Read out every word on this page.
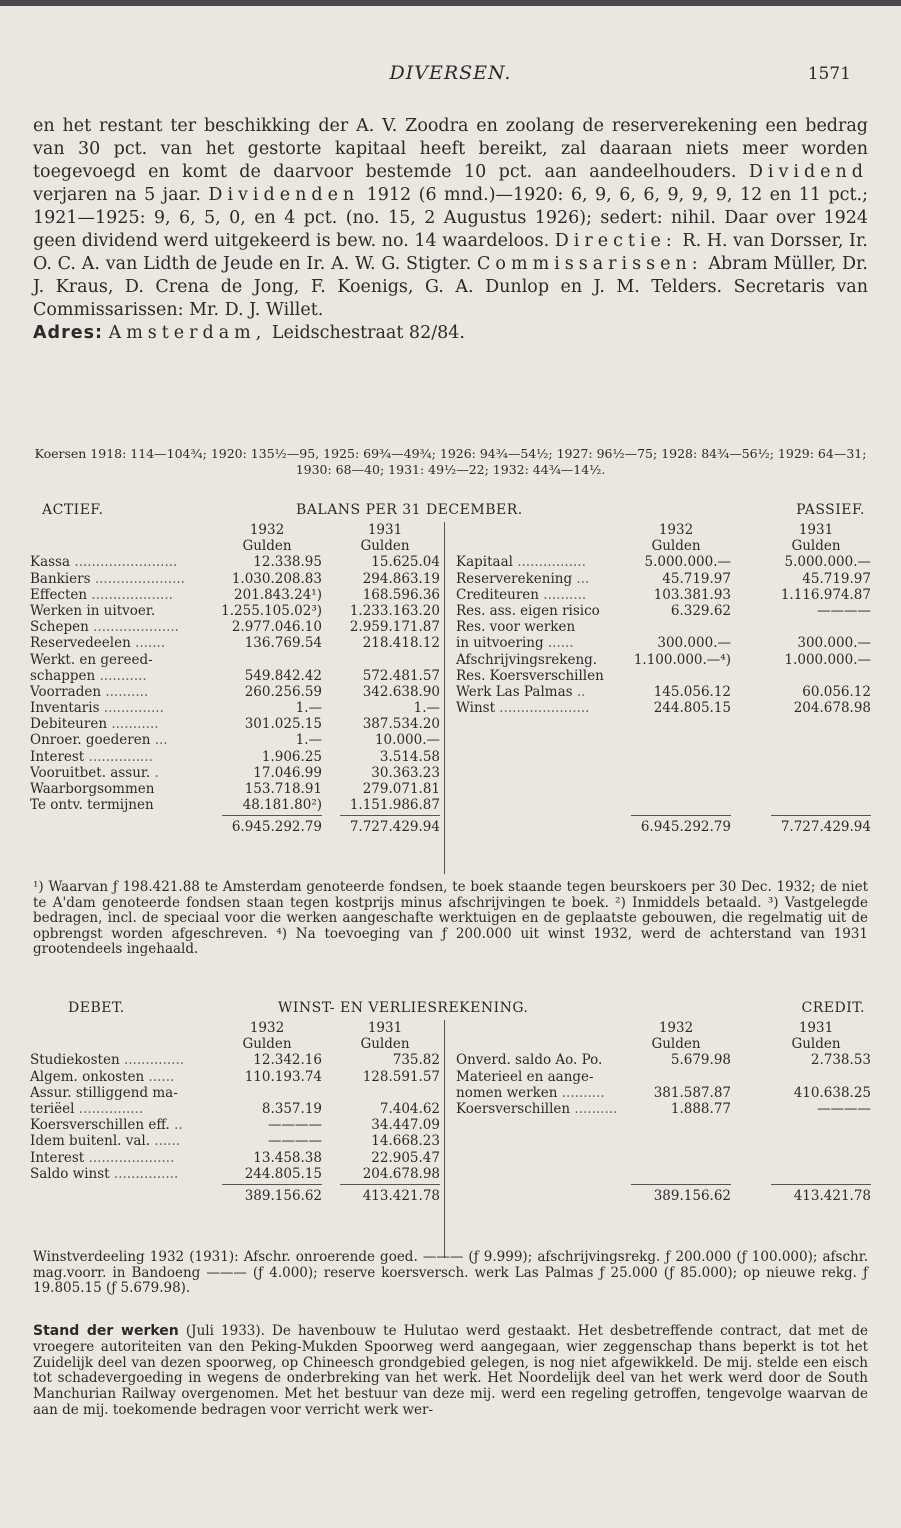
DIVERSEN.	1571

en het restant ter beschikking der A. V. Zoodra en zoolang de reserverekening een bedrag van 30 pct. van het gestorte kapitaal heeft bereikt, zal daaraan niets meer worden toegevoegd en komt de daarvoor bestemde 10 pct. aan aandeelhouders. Dividend verjaren na 5 jaar. Dividenden 1912 (6 mnd.)—1920: 6, 9, 6, 6, 9, 9, 9, 12 en 11 pct.; 1921—1925: 9, 6, 5, 0, en 4 pct. (no. 15, 2 Augustus 1926); sedert: nihil. Daar over 1924 geen dividend werd uitgekeerd is bew. no. 14 waardeloos. Directie: R. H. van Dorsser, Ir. O. C. A. van Lidth de Jeude en Ir. A. W. G. Stigter. Commissarissen: Abram Müller, Dr. J. Kraus, D. Crena de Jong, F. Koenigs, G. A. Dunlop en J. M. Telders. Secretaris van Commissarissen: Mr. D. J. Willet.
Adres: Amsterdam, Leidschestraat 82/84.

Koersen 1918: 114—104¾; 1920: 135½—95, 1925: 69¾—49¾; 1926: 94¾—54½; 1927: 96½—75; 1928: 84¾—56½; 1929: 64—31; 1930: 68—40; 1931: 49½—22; 1932: 44¾—14½.
ACTIEF.	BALANS PER 31 DECEMBER.	PASSIEF.
1932	1931
Gulden	Gulden
Kassa ........................	12.338.95	15.625.04
Bankiers .....................	1.030.208.83	294.863.19
Effecten ...................	201.843.24¹)	168.596.36
Werken in uitvoer.	1.255.105.02³) 1.233.163.20
Schepen ....................	2.977.046.10 2.959.171.87
Reservedeelen .......	136.769.54	218.418.12
Werkt. en gereed-
schappen ...........	549.842.42	572.481.57
Voorraden ..........	260.256.59	342.638.90
Inventaris ..............	1.—	1.—
Debiteuren ...........	301.025.15	387.534.20
Onroer. goederen ...	1.—	10.000.—
Interest ...............	1.906.25	3.514.58
Vooruitbet. assur. .	17.046.99	30.363.23
Waarborgsommen	153.718.91	279.071.81
Te ontv. termijnen	48.181.80²) 1.151.986.87
6.945.292.79 7.727.429.94
1932	1931
Gulden	Gulden
Kapitaal ................	5.000.000.—	5.000.000.—
Reserverekening ...	45.719.97	45.719.97
Crediteuren ..........	103.381.93	1.116.974.87
Res. ass. eigen risico	6.329.62	————
Res. voor werken
in uitvoering ......	300.000.—	300.000.—
Afschrijvingsrekeng.	1.100.000.—⁴)	1.000.000.—
Res. Koersverschillen
Werk Las Palmas ..	145.056.12	60.056.12
Winst .....................	244.805.15	204.678.98
6.945.292.79	7.727.429.94
¹) Waarvan ƒ 198.421.88 te Amsterdam genoteerde fondsen, te boek staande tegen beurskoers per 30 Dec. 1932; de niet te A'dam genoteerde fondsen staan tegen kostprijs minus afschrijvingen te boek. ²) Inmiddels betaald. ³) Vastgelegde bedragen, incl. de speciaal voor die werken aangeschafte werktuigen en de geplaatste gebouwen, die regelmatig uit de opbrengst worden afgeschreven. ⁴) Na toevoeging van ƒ 200.000 uit winst 1932, werd de achterstand van 1931 grootendeels ingehaald.
DEBET.	WINST- EN VERLIESREKENING.	CREDIT.
1932	1931
Gulden	Gulden
Studiekosten ..............	12.342.16	735.82
Algem. onkosten ......	110.193.74	128.591.57
Assur. stilliggend ma-
teriëel ...............	8.357.19	7.404.62
Koersverschillen eff. ..	————	34.447.09
Idem buitenl. val. ......	————	14.668.23
Interest ....................	13.458.38	22.905.47
Saldo winst ...............	244.805.15	204.678.98
389.156.62	413.421.78
1932	1931
Gulden	Gulden
Onverd. saldo Ao. Po.	5.679.98	2.738.53
Materieel en aange-
nomen werken ..........	381.587.87	410.638.25
Koersverschillen ..........	1.888.77	————
389.156.62	413.421.78

Winstverdeeling 1932 (1931): Afschr. onroerende goed. ——— (ƒ 9.999); afschrijvingsrekg. ƒ 200.000 (ƒ 100.000); afschr. mag.voorr. in Bandoeng ——— (ƒ 4.000); reserve koersversch. werk Las Palmas ƒ 25.000 (ƒ 85.000); op nieuwe rekg. ƒ 19.805.15 (ƒ 5.679.98).

Stand der werken (Juli 1933). De havenbouw te Hulutao werd gestaakt. Het desbetreffende contract, dat met de vroegere autoriteiten van den Peking-Mukden Spoorweg werd aangegaan, wier zeggenschap thans beperkt is tot het Zuidelijk deel van dezen spoorweg, op Chineesch grondgebied gelegen, is nog niet afgewikkeld. De mij. stelde een eisch tot schadevergoeding in wegens de onderbreking van het werk. Het Noordelijk deel van het werk werd door de South Manchurian Railway overgenomen. Met het bestuur van deze mij. werd een regeling getroffen, tengevolge waarvan de aan de mij. toekomende bedragen voor verricht werk wer-
